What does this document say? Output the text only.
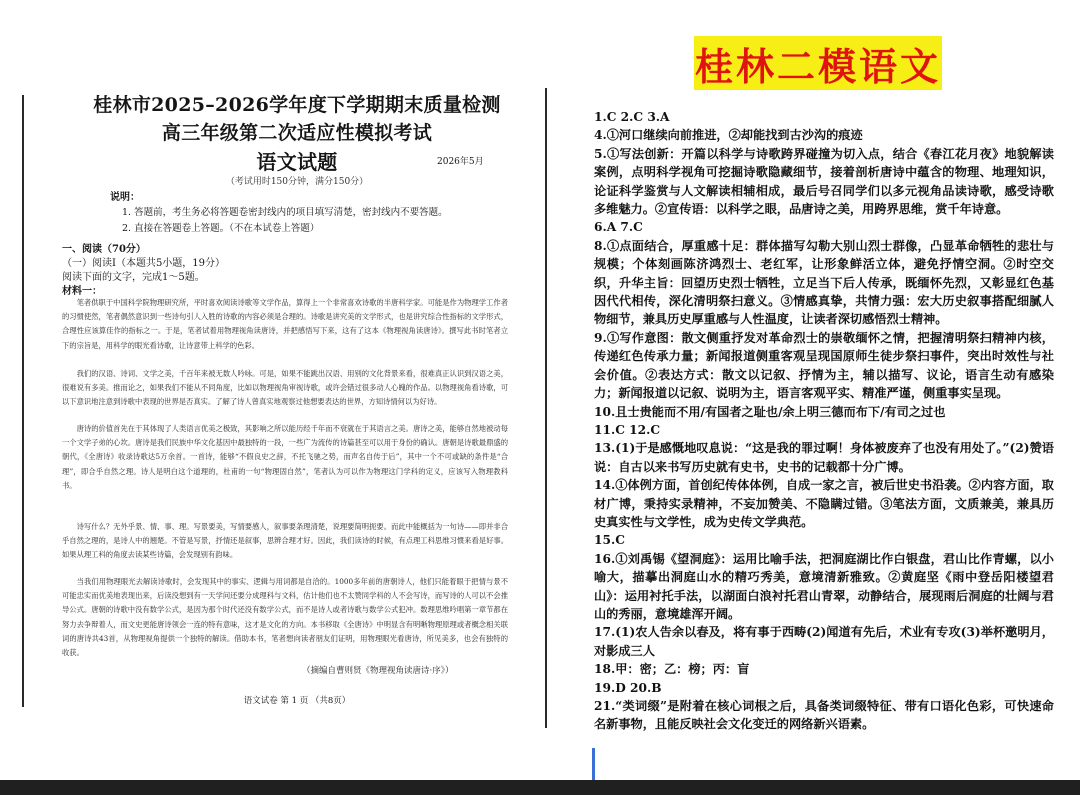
桂林市2025–2026学年度下学期期末质量检测
高三年级第二次适应性模拟考试
语文试题	2026年5月
（考试用时150分钟，满分150分）
说明：
1. 答题前，考生务必将答题卷密封线内的项目填写清楚，密封线内不要答题。
2. 直接在答题卷上答题。（不在本试卷上答题）
一、阅读（70分）
（一）阅读Ⅰ（本题共5小题，19分）
阅读下面的文字，完成1～5题。
材料一：
笔者供职于中国科学院物理研究所，平时喜欢阅读诗歌等文学作品，算得上一个非常喜欢诗歌的半唐科学家。可能是作为物理学工作者的习惯使然，笔者偶然意识到一些诗句引人入胜的诗歌的内容必须是合理的。诗歌是讲究美的文学形式，也是讲究综合性指标的文学形式，合理性应该算佳作的指标之一。于是，笔者试着用物理视角读唐诗，并把感悟写下来，这有了这本《物理视角读唐诗》。撰写此书时笔者立下的宗旨是，用科学的眼光看诗歌，让诗意带上科学的色彩。
我们的汉语、诗词、文学之美，千百年来被无数人吟咏。可是，如果不能跳出汉语、用别的文化背景来看，很难真正认识到汉语之美，很难说有多美。推而论之，如果我们不能从不同角度，比如以物理视角审视诗歌，或许会错过很多动人心魄的作品。以物理视角看诗歌，可以下意识地注意到诗歌中表现的世界是否真实。了解了诗人曾真实地观察过他想要表达的世界，方知诗情何以为好诗。
唐诗的价值首先在于其体现了人类语言优美之极致，其影响之所以能历经千年而不衰就在于其语言之美。唐诗之美，能够自然地被动每一个文学子弟的心坎。唐诗是我们民族中华文化基因中最独特的一段，一些广为流传的诗篇甚至可以用于身份的确认。唐朝是诗歌最鼎盛的朝代，《全唐诗》收录诗歌达5万余首。一首诗，能够“不假良史之辞，不托飞驰之势，而声名自传于后”，其中一个不可或缺的条件是“合理”，即合乎自然之理。诗人是明白这个道理的，杜甫的一句“物理固自然”，笔者认为可以作为物理这门学科的定义，应该写入物理教科书。
诗写什么？无外乎景、情、事、理。写景要美，写情要感人，叙事要条理清楚，说理要简明扼要。而此中能概括为一句诗——即并非合乎自然之理的，是诗人中的翘楚。不管是写景，抒情还是叙事，思辨合理才好。因此，我们读诗的时候，有点理工科思维习惯来看是好事。如果从理工科的角度去读某些诗篇，会发现别有韵味。
当我们用物理眼光去解读诗歌时，会发现其中的事实、逻辑与用词都是自洽的。1000多年前的唐朝诗人，他们只能着眼于把情与景不可能忠实而优美地表现出来，后读没想到有一天学问还要分成理科与文科，估计他们也不太赞同学科的人不会写诗，而写诗的人可以不会推导公式。唐朝的诗歌中没有数学公式，是因为那个时代还没有数学公式，而不是诗人或者诗歌与数学公式犯冲。数理思维吟唱第一章节都在努力去争辩着人，而文史更能唐诗领会一连的特有意味，这才是文化的方向。本书移取《全唐诗》中明显含有明晰物理原理或者概念相关联词的唐诗共43首，从物理视角提供一个独特的解读。借助本书，笔者想向读者朋友们证明，用物理眼光看唐诗，所见美多，也会有独特的收获。
（摘编自曹则贤《物理视角读唐诗·序》）
语文试卷 第 1 页 （共8页）
桂林二模语文

1.C 2.C 3.A

4.①河口继续向前推进，②却能找到古沙沟的痕迹

5.①写法创新：开篇以科学与诗歌跨界碰撞为切入点，结合《春江花月夜》地貌解读案例，点明科学视角可挖掘诗歌隐藏细节，接着剖析唐诗中蕴含的物理、地理知识，论证科学鉴赏与人文解读相辅相成，最后号召同学们以多元视角品读诗歌，感受诗歌多维魅力。②宣传语：以科学之眼，品唐诗之美，用跨界思维，赏千年诗意。

6.A 7.C

8.①点面结合，厚重感十足：群体描写勾勒大别山烈士群像，凸显革命牺牲的悲壮与规模；个体刻画陈济鸿烈士、老红军，让形象鲜活立体，避免抒情空洞。②时空交织，升华主旨：回望历史烈士牺牲，立足当下后人传承，既缅怀先烈，又彰显红色基因代代相传，深化清明祭扫意义。③情感真挚，共情力强：宏大历史叙事搭配细腻人物细节，兼具历史厚重感与人性温度，让读者深切感悟烈士精神。

9.①写作意图：散文侧重抒发对革命烈士的崇敬缅怀之情，把握清明祭扫精神内核，传递红色传承力量；新闻报道侧重客观呈现国原师生徒步祭扫事件，突出时效性与社会价值。②表达方式：散文以记叙、抒情为主，辅以描写、议论，语言生动有感染力；新闻报道以记叙、说明为主，语言客观平实、精准严谨，侧重事实呈现。

10.且士贵能而不用/有国者之耻也/余上明三德而布下/有司之过也

11.C 12.C

13.(1)于是感慨地叹息说：“这是我的罪过啊！身体被废弃了也没有用处了。”(2)赞语说：自古以来书写历史就有史书，史书的记载都十分广博。

14.①体例方面，首创纪传体体例，自成一家之言，被后世史书沿袭。②内容方面，取材广博，秉持实录精神，不妄加赞美、不隐瞒过错。③笔法方面，文质兼美，兼具历史真实性与文学性，成为史传文学典范。

15.C

16.①刘禹锡《望洞庭》：运用比喻手法，把洞庭湖比作白银盘，君山比作青螺，以小喻大，描摹出洞庭山水的精巧秀美，意境清新雅致。②黄庭坚《雨中登岳阳楼望君山》：运用衬托手法，以湖面白浪衬托君山青翠，动静结合，展现雨后洞庭的壮阔与君山的秀丽，意境雄浑开阔。

17.(1)农人告余以春及，将有事于西畴(2)闻道有先后，术业有专攻(3)举杯邀明月，对影成三人

18.甲：密；乙：榜；丙：盲

19.D 20.B

21.“类词缀”是附着在核心词根之后，具备类词缀特征、带有口语化色彩，可快速命名新事物，且能反映社会文化变迁的网络新兴语素。
